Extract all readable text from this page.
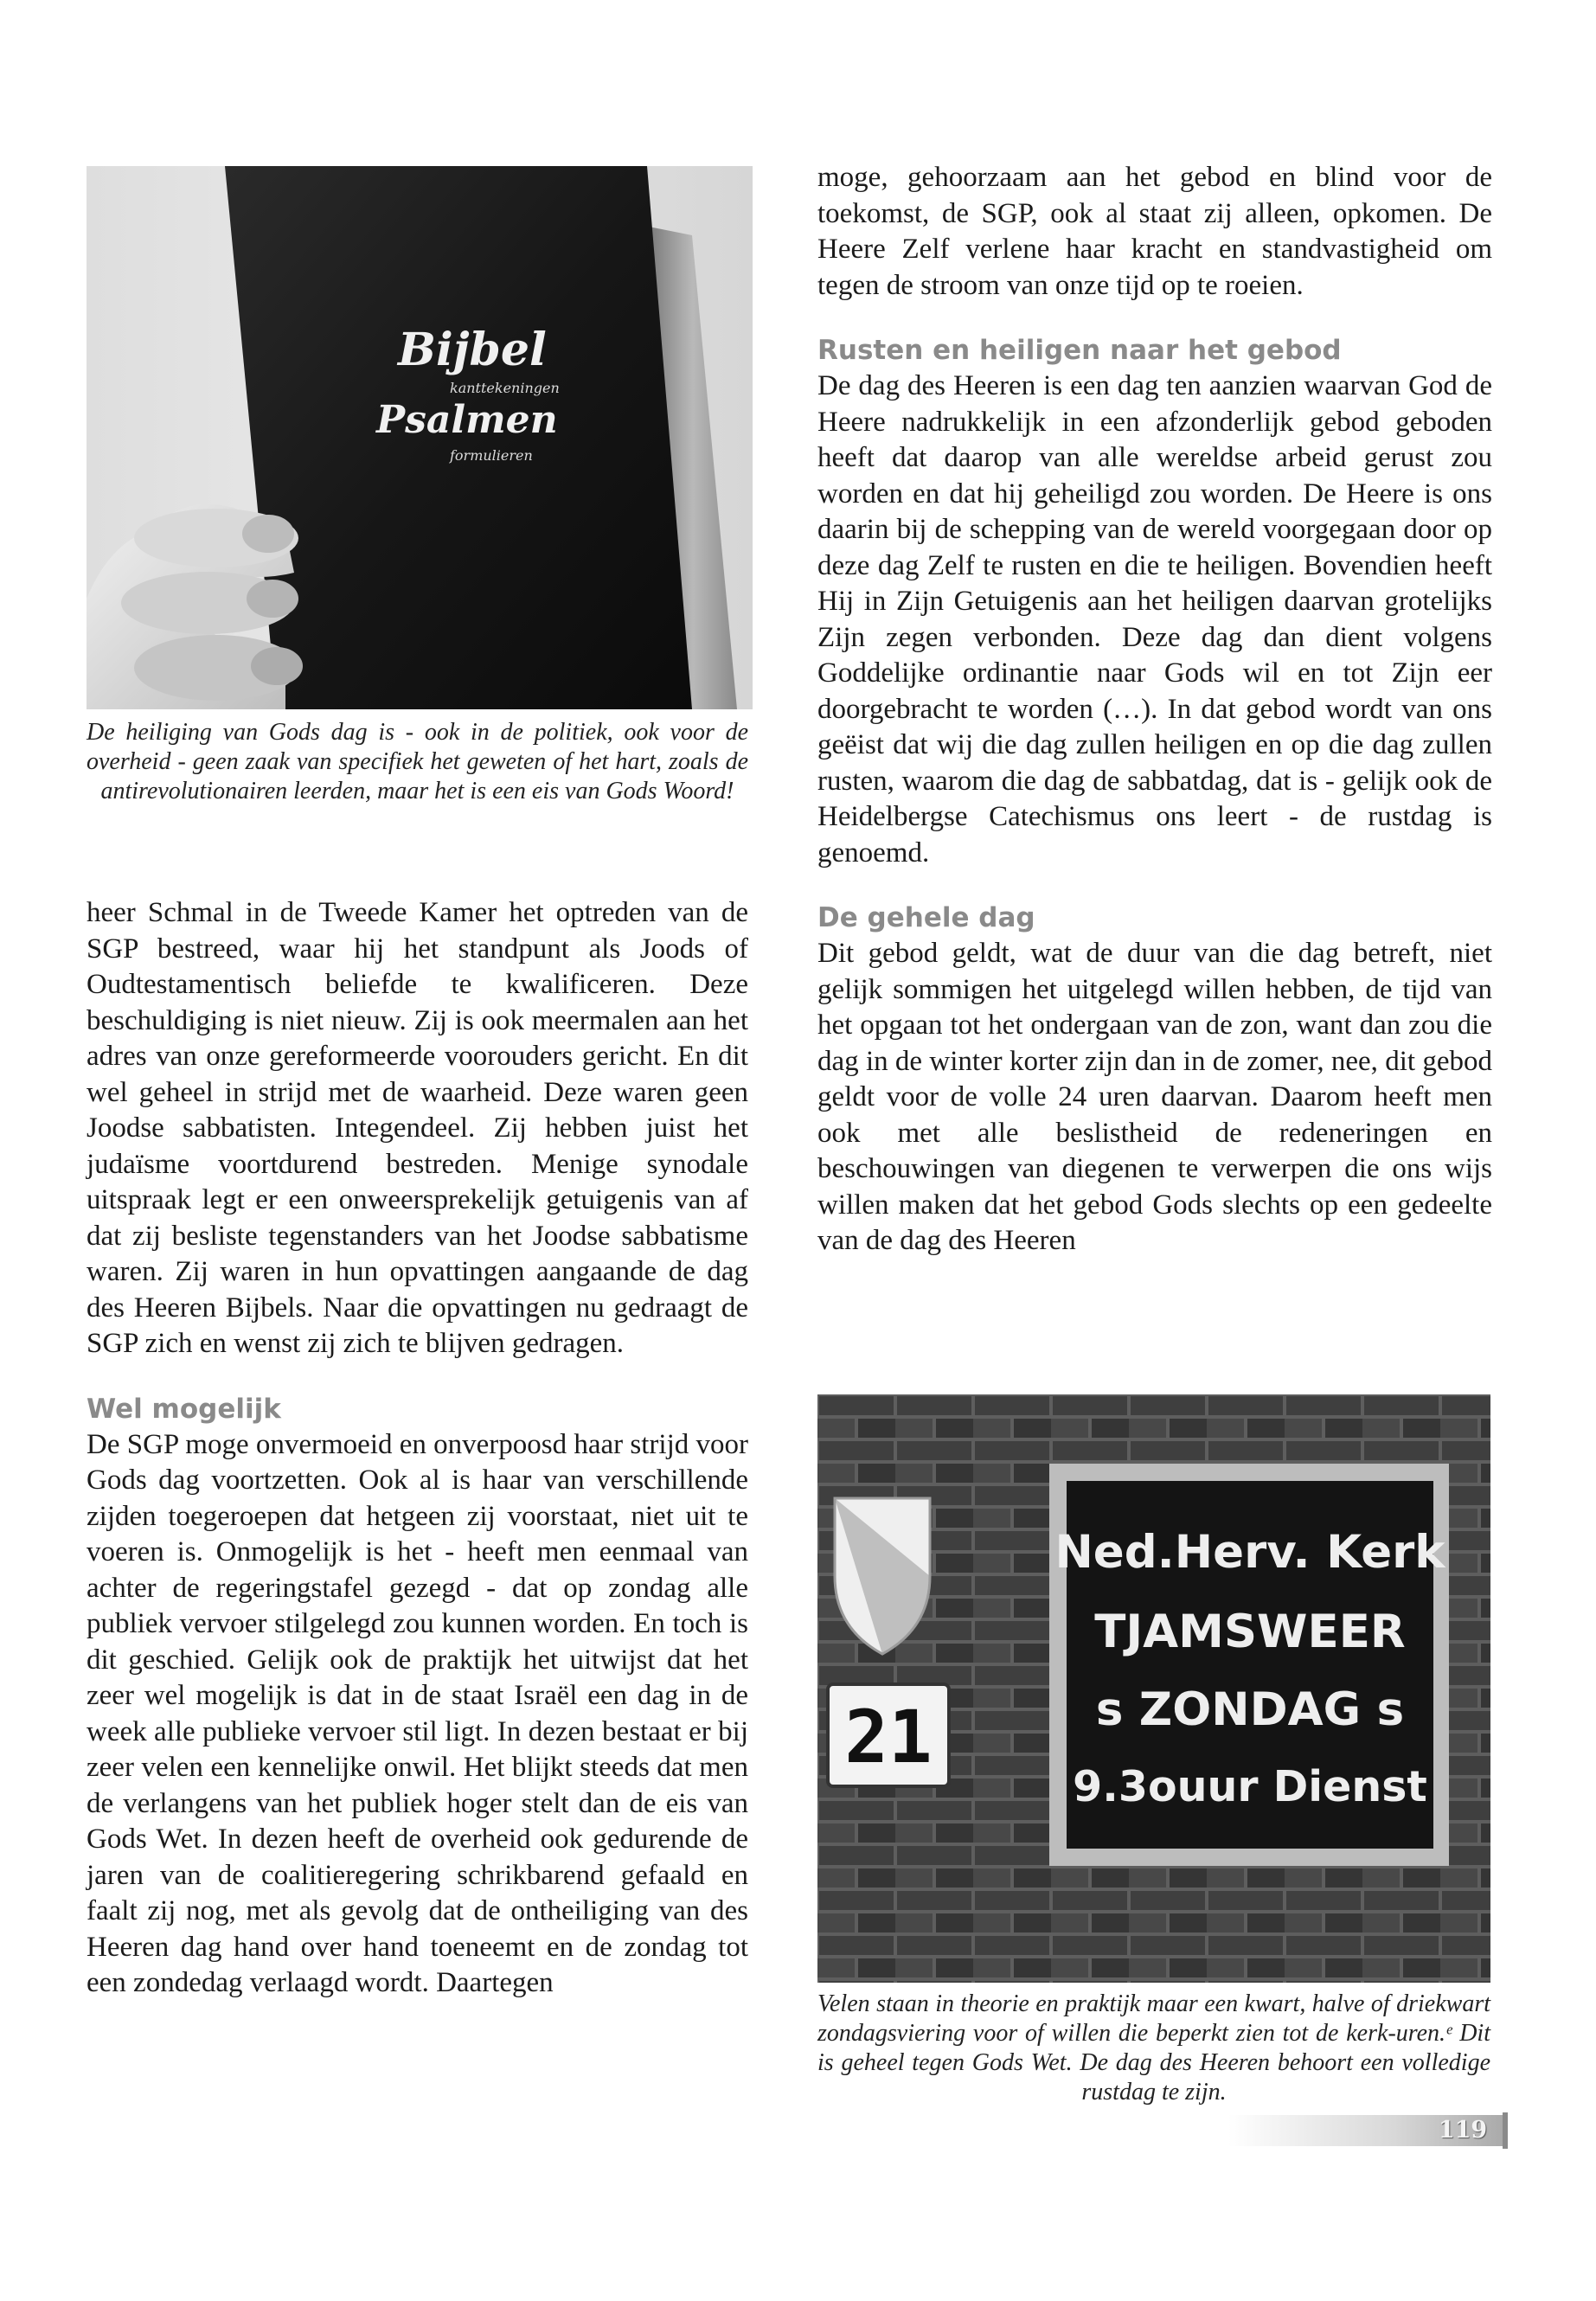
Bijbel
kanttekeningen
Psalmen
formulieren
De heiliging van Gods dag is - ook in de politiek, ook voor de overheid - geen zaak van specifiek het geweten of het hart, zoals de antirevolutionairen leerden, maar het is een eis van Gods Woord!

heer Schmal in de Tweede Kamer het optreden van de SGP bestreed, waar hij het standpunt als Joods of Oudtestamentisch beliefde te kwalificeren. Deze beschuldiging is niet nieuw. Zij is ook meermalen aan het adres van onze gereformeerde voorouders gericht. En dit wel geheel in strijd met de waarheid. Deze waren geen Joodse sabbatisten. Integendeel. Zij hebben juist het judaïsme voortdurend bestreden. Menige synodale uitspraak legt er een onweersprekelijk getuigenis van af dat zij besliste tegenstanders van het Joodse sabbatisme waren. Zij waren in hun opvattingen aangaande de dag des Heeren Bijbels. Naar die opvattingen nu gedraagt de SGP zich en wenst zij zich te blijven gedragen.

Wel mogelijk

De SGP moge onvermoeid en onverpoosd haar strijd voor Gods dag voortzetten. Ook al is haar van verschillende zijden toegeroepen dat hetgeen zij voorstaat, niet uit te voeren is. Onmogelijk is het - heeft men eenmaal van achter de regeringstafel gezegd - dat op zondag alle publiek vervoer stilgelegd zou kunnen worden. En toch is dit geschied. Gelijk ook de praktijk het uitwijst dat het zeer wel mogelijk is dat in de staat Israël een dag in de week alle publieke vervoer stil ligt. In dezen bestaat er bij zeer velen een kennelijke onwil. Het blijkt steeds dat men de verlangens van het publiek hoger stelt dan de eis van Gods Wet. In dezen heeft de overheid ook gedurende de jaren van de coalitieregering schrikbarend gefaald en faalt zij nog, met als gevolg dat de ontheiliging van des Heeren dag hand over hand toeneemt en de zondag tot een zondedag verlaagd wordt. Daartegen

moge, gehoorzaam aan het gebod en blind voor de toekomst, de SGP, ook al staat zij alleen, opkomen. De Heere Zelf verlene haar kracht en standvastigheid om tegen de stroom van onze tijd op te roeien.

Rusten en heiligen naar het gebod

De dag des Heeren is een dag ten aanzien waarvan God de Heere nadrukkelijk in een afzonderlijk gebod geboden heeft dat daarop van alle wereldse arbeid gerust zou worden en dat hij geheiligd zou worden. De Heere is ons daarin bij de schepping van de wereld voorgegaan door op deze dag Zelf te rusten en die te heiligen. Bovendien heeft Hij in Zijn Getuigenis aan het heiligen daarvan grotelijks Zijn zegen verbonden. Deze dag dan dient volgens Goddelijke ordinantie naar Gods wil en tot Zijn eer doorgebracht te worden (…). In dat gebod wordt van ons geëist dat wij die dag zullen heiligen en op die dag zullen rusten, waarom die dag de sabbatdag, dat is - gelijk ook de Heidelbergse Catechismus ons leert - de rustdag is genoemd.

De gehele dag

Dit gebod geldt, wat de duur van die dag betreft, niet gelijk sommigen het uitgelegd willen hebben, de tijd van het opgaan tot het ondergaan van de zon, want dan zou die dag in de winter korter zijn dan in de zomer, nee, dit gebod geldt voor de volle 24 uren daarvan. Daarom heeft men ook met alle beslistheid de redeneringen en beschouwingen van diegenen te verwerpen die ons wijs willen maken dat het gebod Gods slechts op een gedeelte van de dag des Heeren

21
Ned.Herv. Kerk
TJAMSWEER
s ZONDAG s
9.3ouur Dienst
Velen staan in theorie en praktijk maar een kwart, halve of driekwart zondagsviering voor of willen die beperkt zien tot de kerk-uren.ᵉ Dit is geheel tegen Gods Wet. De dag des Heeren behoort een volledige rustdag te zijn.
119
